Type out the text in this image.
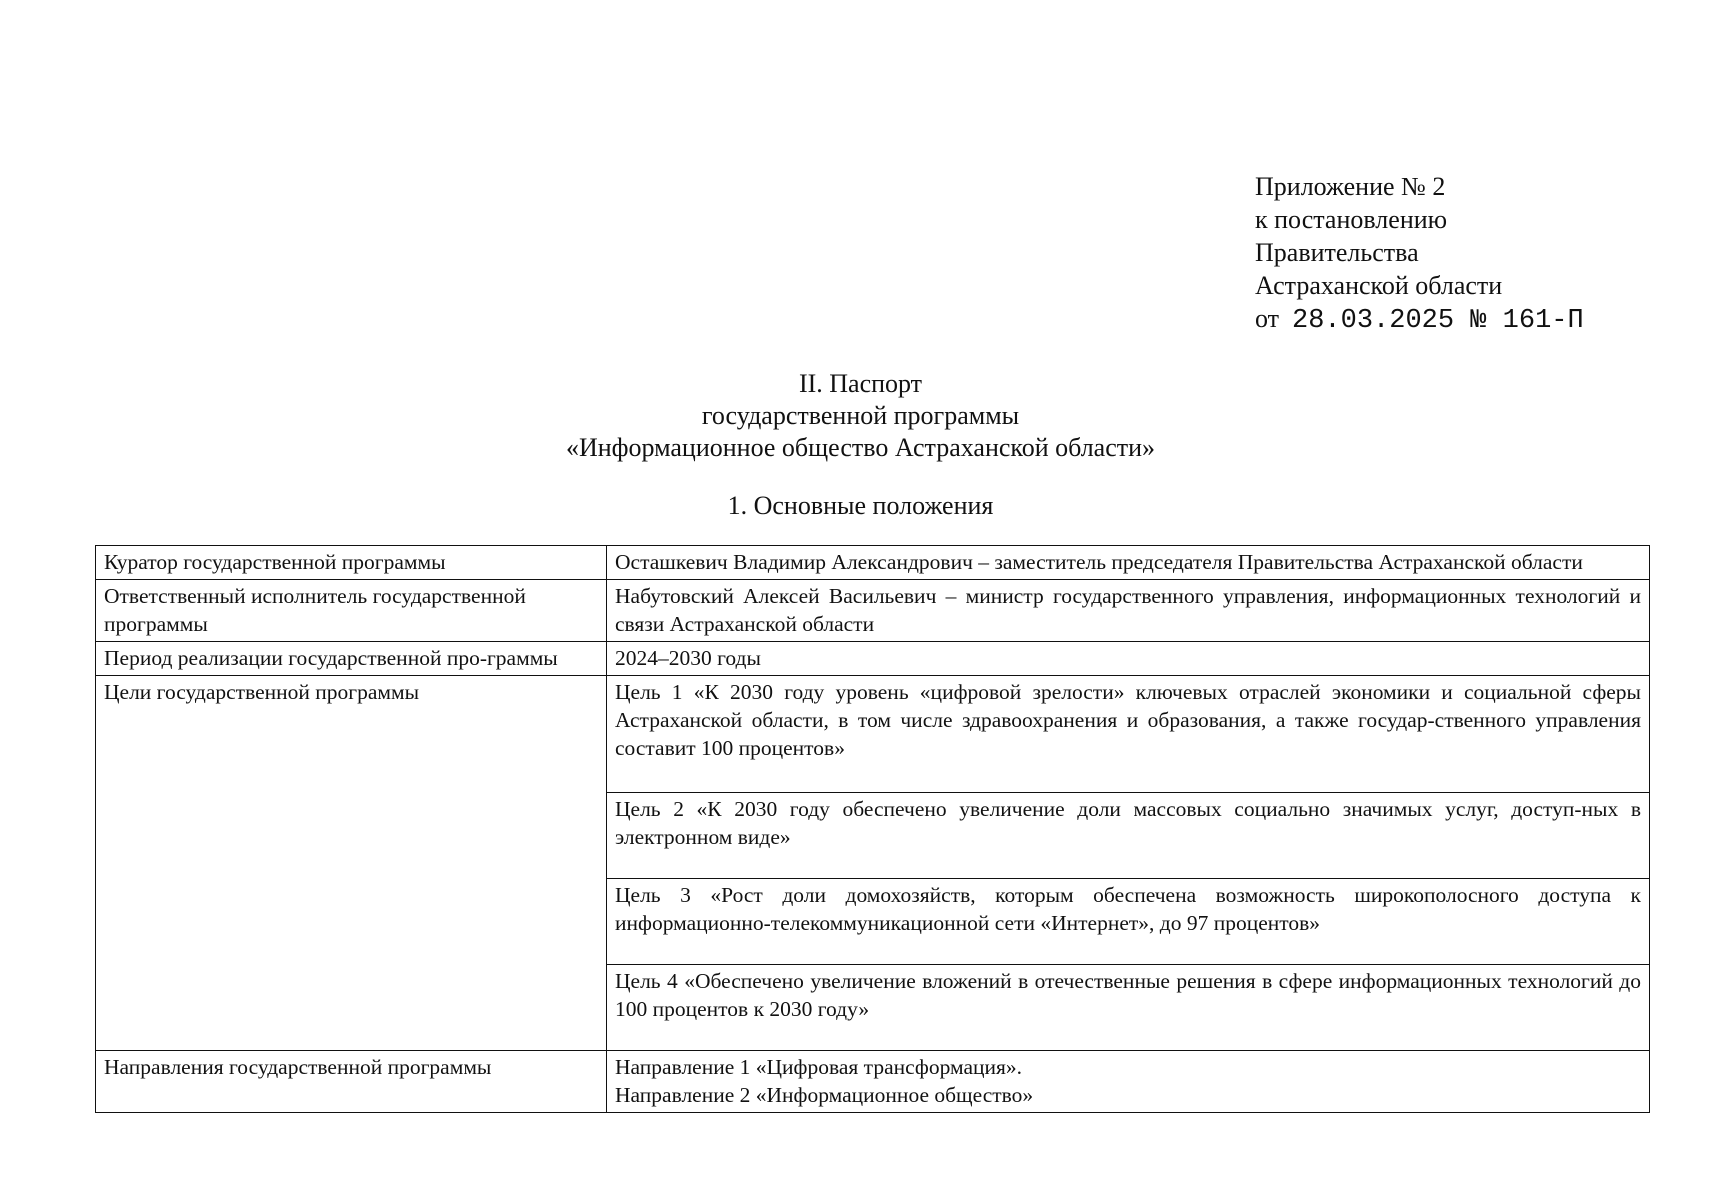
Приложение № 2
к постановлению
Правительства
Астраханской области
от 28.03.2025 № 161-П
II. Паспорт
государственной программы
«Информационное общество Астраханской области»
1. Основные положения
Куратор государственной программы	Осташкевич Владимир Александрович – заместитель председателя Правительства Астраханской области
Ответственный исполнитель государственной программы	Набутовский Алексей Васильевич – министр государственного управления, информационных технологий и связи Астраханской области
Период реализации государственной про-граммы	2024–2030 годы
Цели государственной программы	Цель 1 «К 2030 году уровень «цифровой зрелости» ключевых отраслей экономики и социальной сферы Астраханской области, в том числе здравоохранения и образования, а также государ-ственного управления составит 100 процентов»
Цель 2 «К 2030 году обеспечено увеличение доли массовых социально значимых услуг, доступ-ных в электронном виде»
Цель 3 «Рост доли домохозяйств, которым обеспечена возможность широкополосного доступа к информационно-телекоммуникационной сети «Интернет», до 97 процентов»
Цель 4 «Обеспечено увеличение вложений в отечественные решения в сфере информационных технологий до 100 процентов к 2030 году»

Направления государственной программы	Направление 1 «Цифровая трансформация».
Направление 2 «Информационное общество»
